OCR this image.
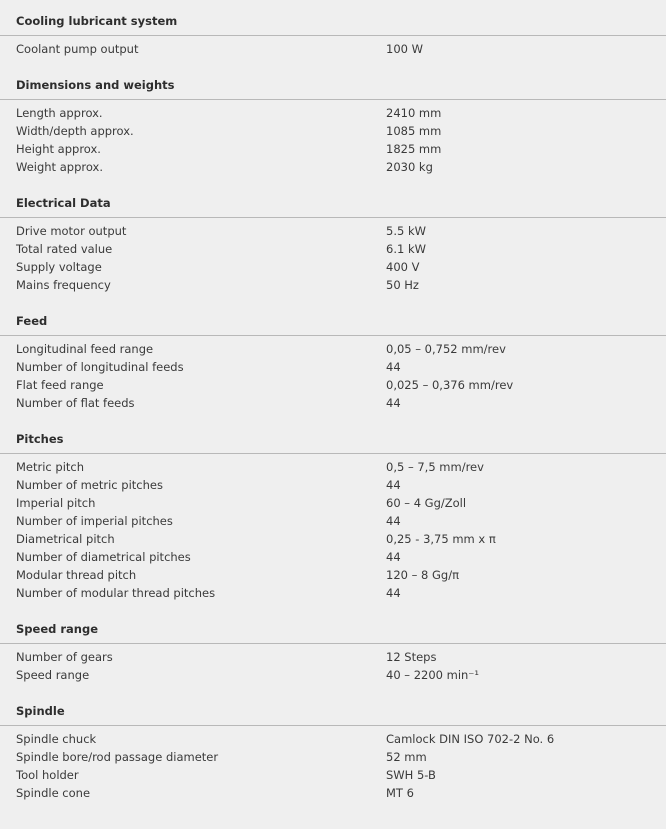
Cooling lubricant system
Coolant pump output	100 W
Dimensions and weights
Length approx.	2410 mm
Width/depth approx.	1085 mm
Height approx.	1825 mm
Weight approx.	2030 kg
Electrical Data
Drive motor output	5.5 kW
Total rated value	6.1 kW
Supply voltage	400 V
Mains frequency	50 Hz
Feed
Longitudinal feed range	0,05 – 0,752 mm/rev
Number of longitudinal feeds	44
Flat feed range	0,025 – 0,376 mm/rev
Number of flat feeds	44
Pitches
Metric pitch	0,5 – 7,5 mm/rev
Number of metric pitches	44
Imperial pitch	60 – 4 Gg/Zoll
Number of imperial pitches	44
Diametrical pitch	0,25 - 3,75 mm x π
Number of diametrical pitches	44
Modular thread pitch	120 – 8 Gg/π
Number of modular thread pitches	44
Speed range
Number of gears	12 Steps
Speed range	40 – 2200 min⁻¹
Spindle
Spindle chuck	Camlock DIN ISO 702-2 No. 6
Spindle bore/rod passage diameter	52 mm
Tool holder	SWH 5-B
Spindle cone	MT 6
